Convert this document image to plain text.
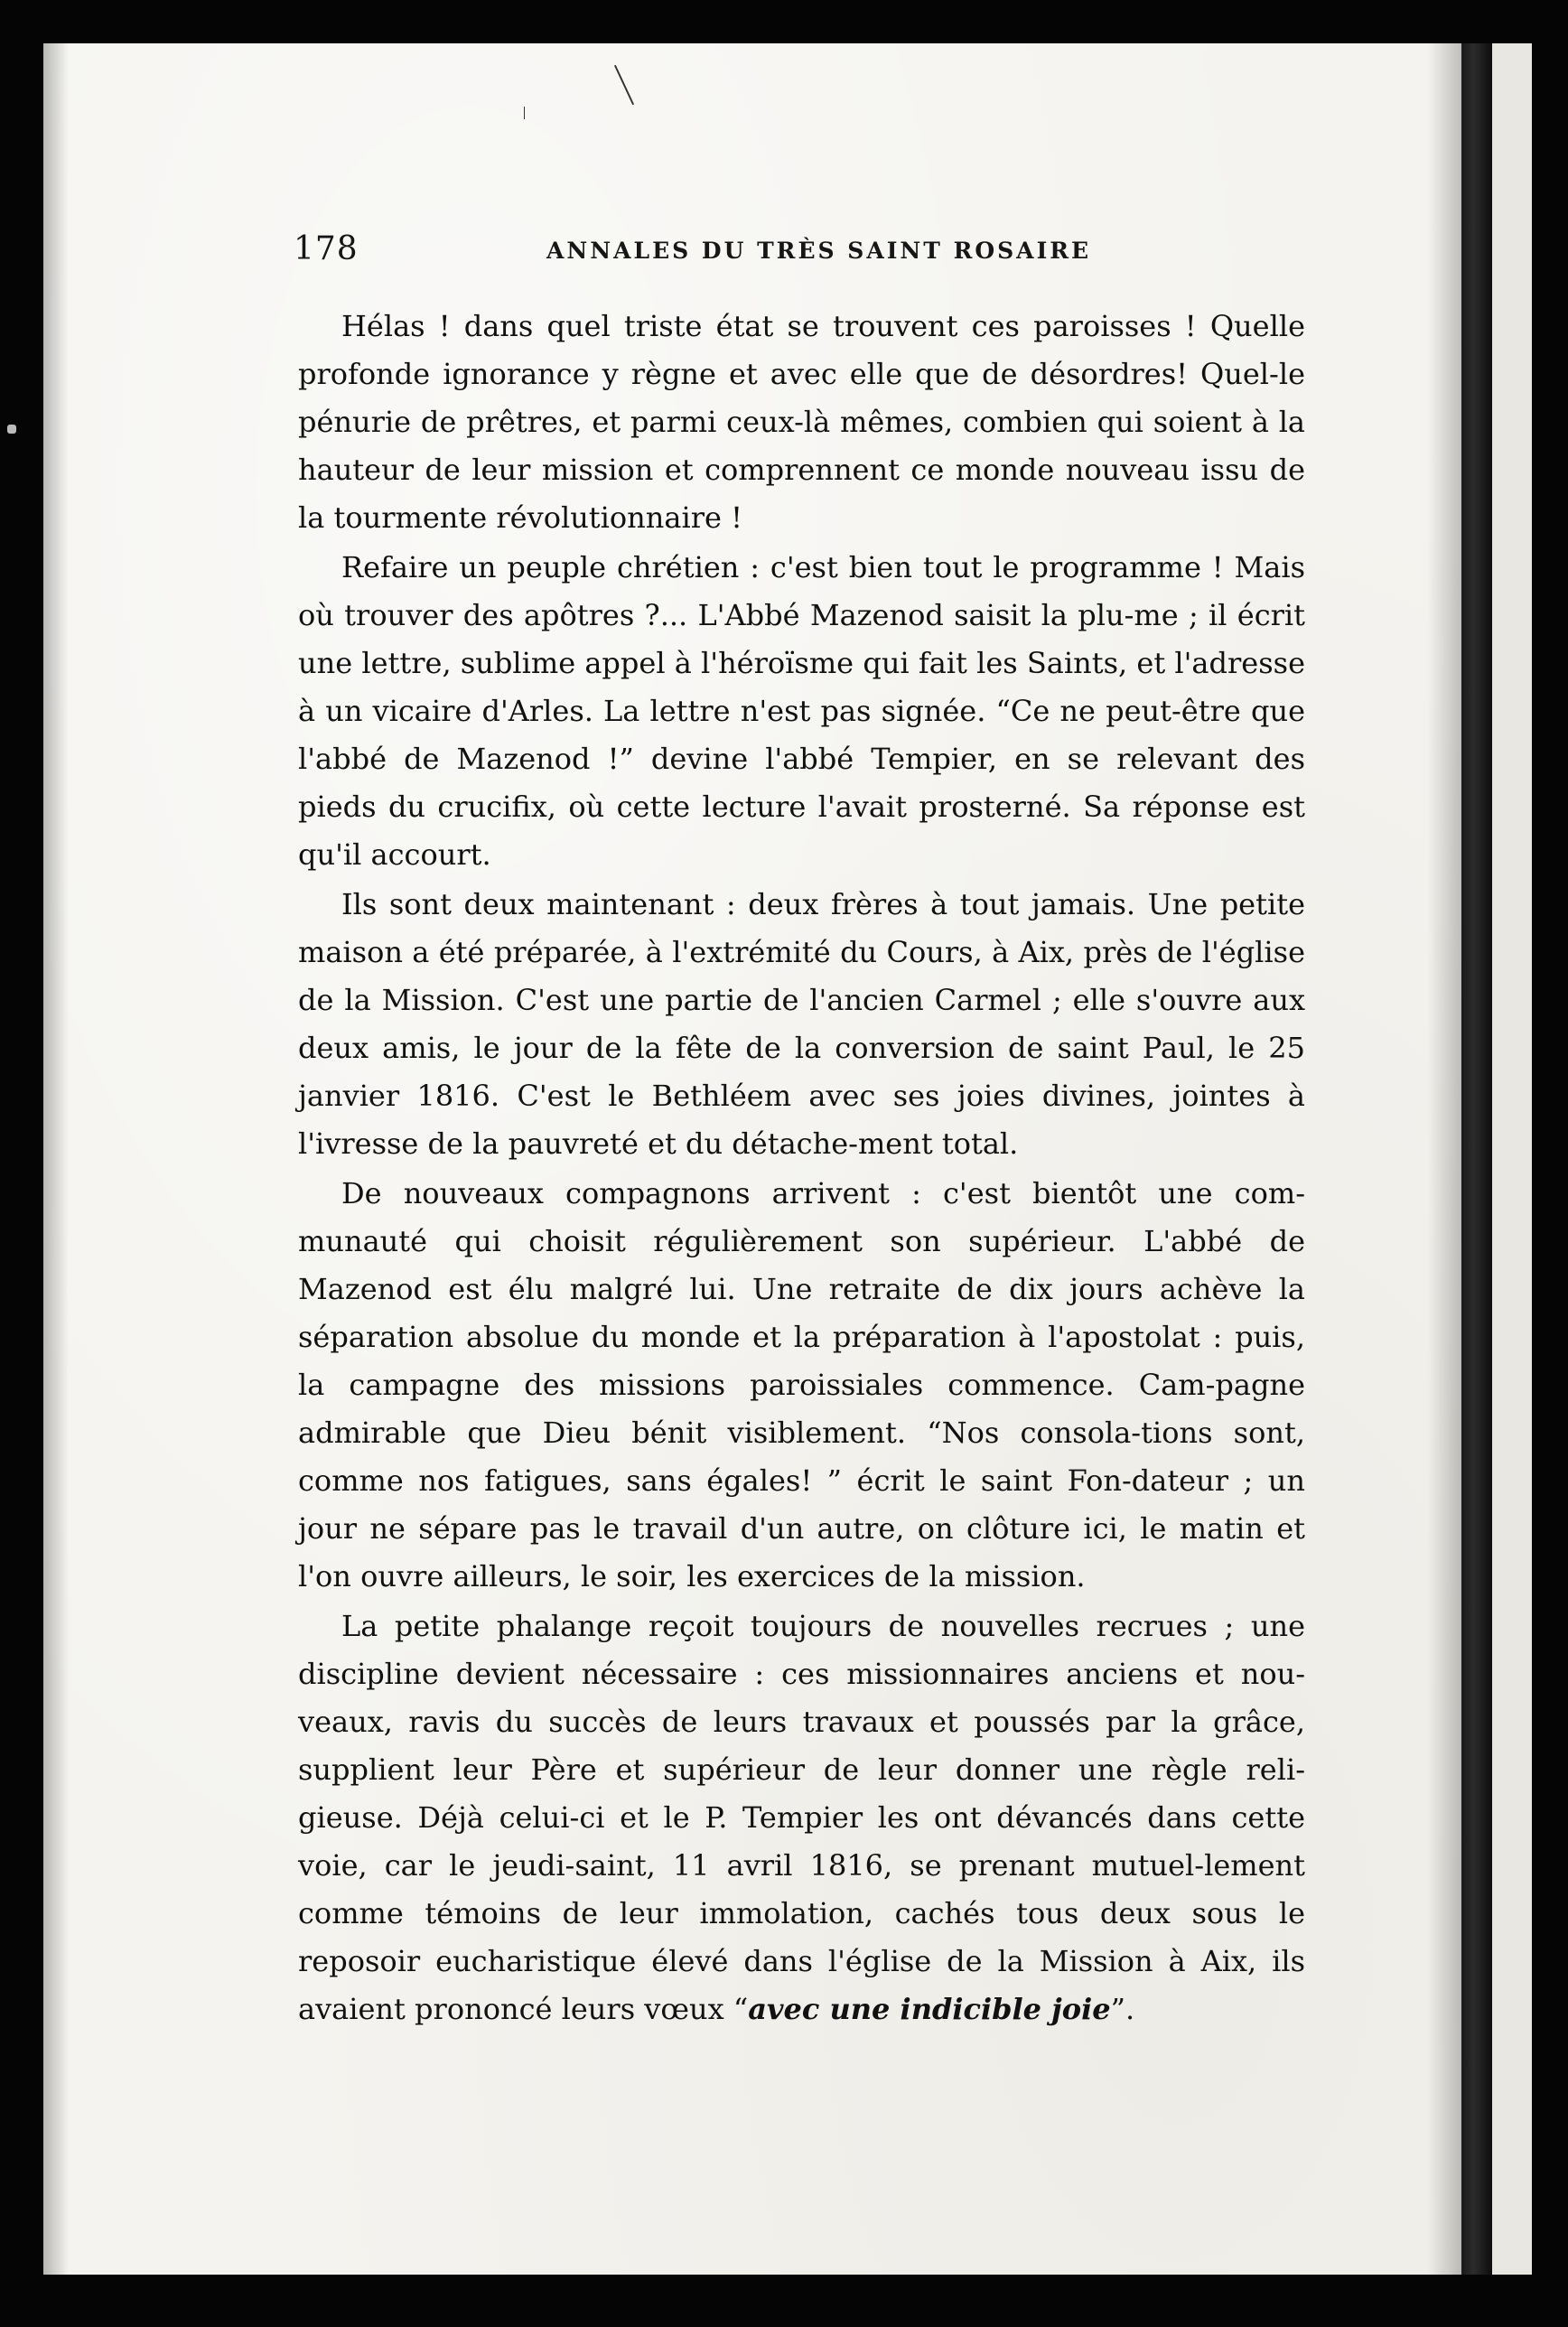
178	ANNALES DU TRÈS SAINT ROSAIRE

Hélas ! dans quel triste état se trouvent ces paroisses ! Quelle profonde ignorance y règne et avec elle que de désordres! Quel-le pénurie de prêtres, et parmi ceux-là mêmes, combien qui soient à la hauteur de leur mission et comprennent ce monde nouveau issu de la tourmente révolutionnaire !

Refaire un peuple chrétien : c'est bien tout le programme ! Mais où trouver des apôtres ?... L'Abbé Mazenod saisit la plu-me ; il écrit une lettre, sublime appel à l'héroïsme qui fait les Saints, et l'adresse à un vicaire d'Arles. La lettre n'est pas signée. “Ce ne peut-être que l'abbé de Mazenod !” devine l'abbé Tempier, en se relevant des pieds du crucifix, où cette lecture l'avait prosterné. Sa réponse est qu'il accourt.

Ils sont deux maintenant : deux frères à tout jamais. Une petite maison a été préparée, à l'extrémité du Cours, à Aix, près de l'église de la Mission. C'est une partie de l'ancien Carmel ; elle s'ouvre aux deux amis, le jour de la fête de la conversion de saint Paul, le 25 janvier 1816. C'est le Bethléem avec ses joies divines, jointes à l'ivresse de la pauvreté et du détache-ment total.

De nouveaux compagnons arrivent : c'est bientôt une com-munauté qui choisit régulièrement son supérieur. L'abbé de Mazenod est élu malgré lui. Une retraite de dix jours achève la séparation absolue du monde et la préparation à l'apostolat : puis, la campagne des missions paroissiales commence. Cam-pagne admirable que Dieu bénit visiblement. “Nos consola-tions sont, comme nos fatigues, sans égales! ” écrit le saint Fon-dateur ; un jour ne sépare pas le travail d'un autre, on clôture ici, le matin et l'on ouvre ailleurs, le soir, les exercices de la mission.

La petite phalange reçoit toujours de nouvelles recrues ; une discipline devient nécessaire : ces missionnaires anciens et nou-veaux, ravis du succès de leurs travaux et poussés par la grâce, supplient leur Père et supérieur de leur donner une règle reli-gieuse. Déjà celui-ci et le P. Tempier les ont dévancés dans cette voie, car le jeudi-saint, 11 avril 1816, se prenant mutuel-lement comme témoins de leur immolation, cachés tous deux sous le reposoir eucharistique élevé dans l'église de la Mission à Aix, ils avaient prononcé leurs vœux “avec une indicible joie”.
